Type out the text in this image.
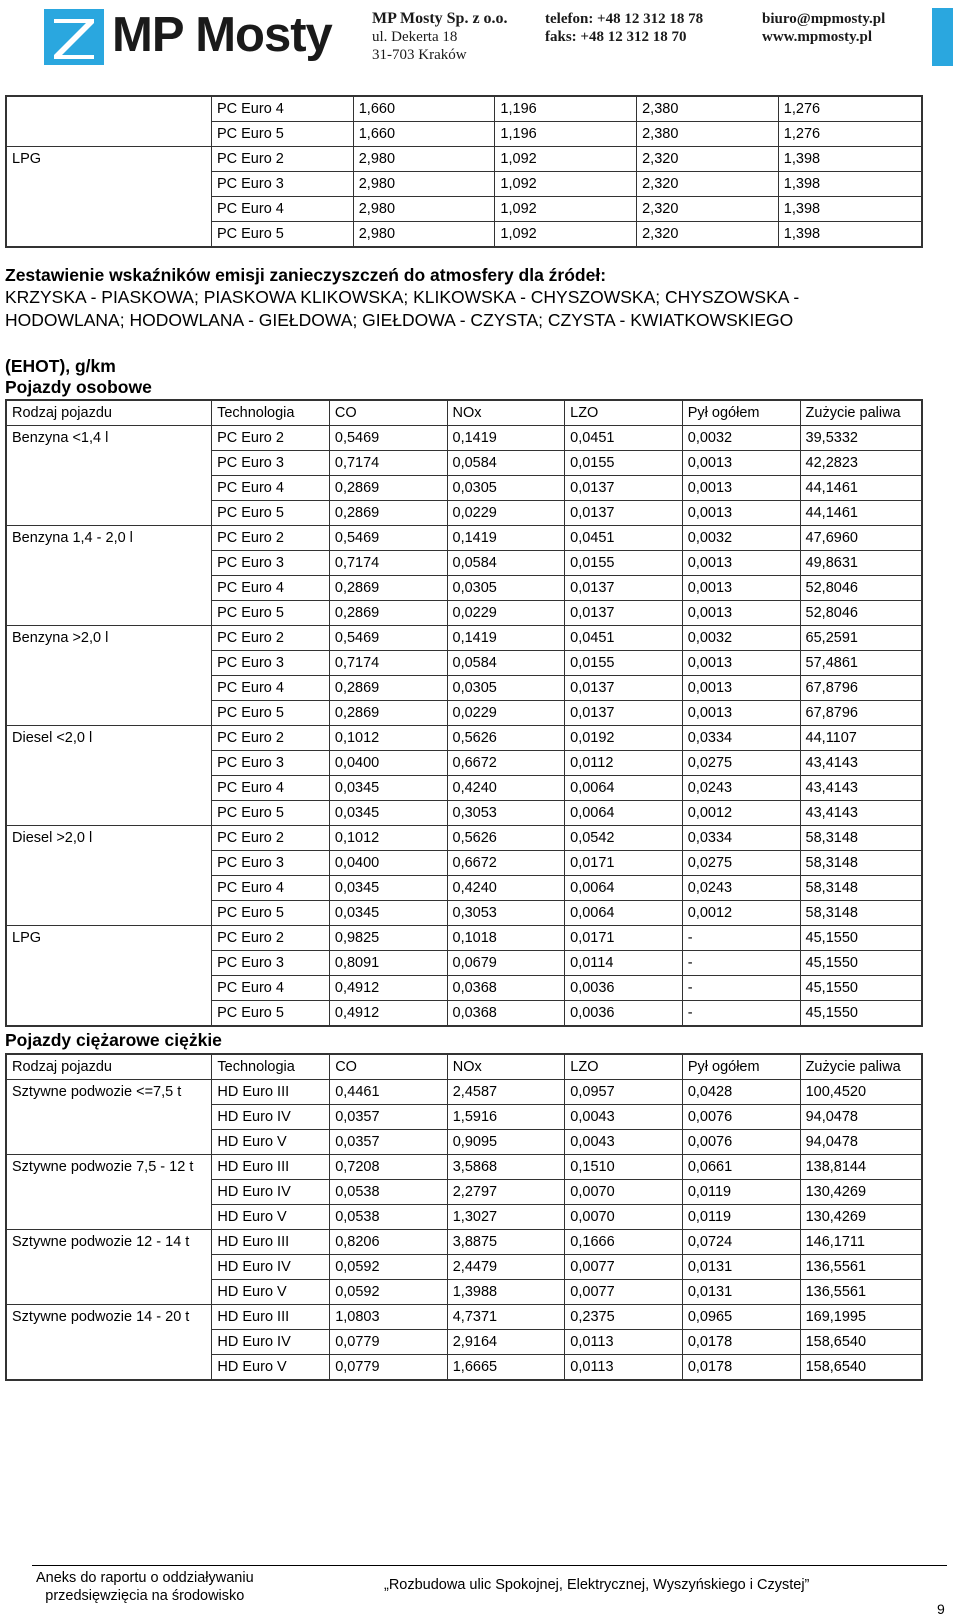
MP Mosty	MP Mosty Sp. z o.o.
ul. Dekerta 18
31-703 Kraków
telefon: +48 12 312 18 78
faks: +48 12 312 18 70
biuro@mpmosty.pl
www.mpmosty.pl
	PC Euro 4	1,660	1,196	2,380	1,276
	PC Euro 5	1,660	1,196	2,380	1,276
LPG	PC Euro 2	2,980	1,092	2,320	1,398
	PC Euro 3	2,980	1,092	2,320	1,398
	PC Euro 4	2,980	1,092	2,320	1,398
	PC Euro 5	2,980	1,092	2,320	1,398
Zestawienie wskaźników emisji zanieczyszczeń do atmosfery dla źródeł:
KRZYSKA - PIASKOWA; PIASKOWA KLIKOWSKA; KLIKOWSKA - CHYSZOWSKA; CHYSZOWSKA -
HODOWLANA; HODOWLANA - GIEŁDOWA; GIEŁDOWA - CZYSTA; CZYSTA - KWIATKOWSKIEGO
(EHOT), g/km
Pojazdy osobowe
Rodzaj pojazdu	Technologia	CO	NOx	LZO	Pył ogółem	Zużycie paliwa
Benzyna <1,4 l	PC Euro 2	0,5469	0,1419	0,0451	0,0032	39,5332
	PC Euro 3	0,7174	0,0584	0,0155	0,0013	42,2823
	PC Euro 4	0,2869	0,0305	0,0137	0,0013	44,1461
	PC Euro 5	0,2869	0,0229	0,0137	0,0013	44,1461
Benzyna 1,4 - 2,0 l	PC Euro 2	0,5469	0,1419	0,0451	0,0032	47,6960
	PC Euro 3	0,7174	0,0584	0,0155	0,0013	49,8631
	PC Euro 4	0,2869	0,0305	0,0137	0,0013	52,8046
	PC Euro 5	0,2869	0,0229	0,0137	0,0013	52,8046
Benzyna >2,0 l	PC Euro 2	0,5469	0,1419	0,0451	0,0032	65,2591
	PC Euro 3	0,7174	0,0584	0,0155	0,0013	57,4861
	PC Euro 4	0,2869	0,0305	0,0137	0,0013	67,8796
	PC Euro 5	0,2869	0,0229	0,0137	0,0013	67,8796
Diesel <2,0 l	PC Euro 2	0,1012	0,5626	0,0192	0,0334	44,1107
	PC Euro 3	0,0400	0,6672	0,0112	0,0275	43,4143
	PC Euro 4	0,0345	0,4240	0,0064	0,0243	43,4143
	PC Euro 5	0,0345	0,3053	0,0064	0,0012	43,4143
Diesel >2,0 l	PC Euro 2	0,1012	0,5626	0,0542	0,0334	58,3148
	PC Euro 3	0,0400	0,6672	0,0171	0,0275	58,3148
	PC Euro 4	0,0345	0,4240	0,0064	0,0243	58,3148
	PC Euro 5	0,0345	0,3053	0,0064	0,0012	58,3148
LPG	PC Euro 2	0,9825	0,1018	0,0171	-	45,1550
	PC Euro 3	0,8091	0,0679	0,0114	-	45,1550
	PC Euro 4	0,4912	0,0368	0,0036	-	45,1550
	PC Euro 5	0,4912	0,0368	0,0036	-	45,1550
Pojazdy ciężarowe ciężkie
Rodzaj pojazdu	Technologia	CO	NOx	LZO	Pył ogółem	Zużycie paliwa
Sztywne podwozie <=7,5 t	HD Euro III	0,4461	2,4587	0,0957	0,0428	100,4520
	HD Euro IV	0,0357	1,5916	0,0043	0,0076	94,0478
	HD Euro V	0,0357	0,9095	0,0043	0,0076	94,0478
Sztywne podwozie 7,5 - 12 t	HD Euro III	0,7208	3,5868	0,1510	0,0661	138,8144
	HD Euro IV	0,0538	2,2797	0,0070	0,0119	130,4269
	HD Euro V	0,0538	1,3027	0,0070	0,0119	130,4269
Sztywne podwozie 12 - 14 t	HD Euro III	0,8206	3,8875	0,1666	0,0724	146,1711
	HD Euro IV	0,0592	2,4479	0,0077	0,0131	136,5561
	HD Euro V	0,0592	1,3988	0,0077	0,0131	136,5561
Sztywne podwozie 14 - 20 t	HD Euro III	1,0803	4,7371	0,2375	0,0965	169,1995
	HD Euro IV	0,0779	2,9164	0,0113	0,0178	158,6540
	HD Euro V	0,0779	1,6665	0,0113	0,0178	158,6540
Aneks do raportu o oddziaływaniu
przedsięwzięcia na środowisko
„Rozbudowa ulic Spokojnej, Elektrycznej, Wyszyńskiego i Czystej”
9
